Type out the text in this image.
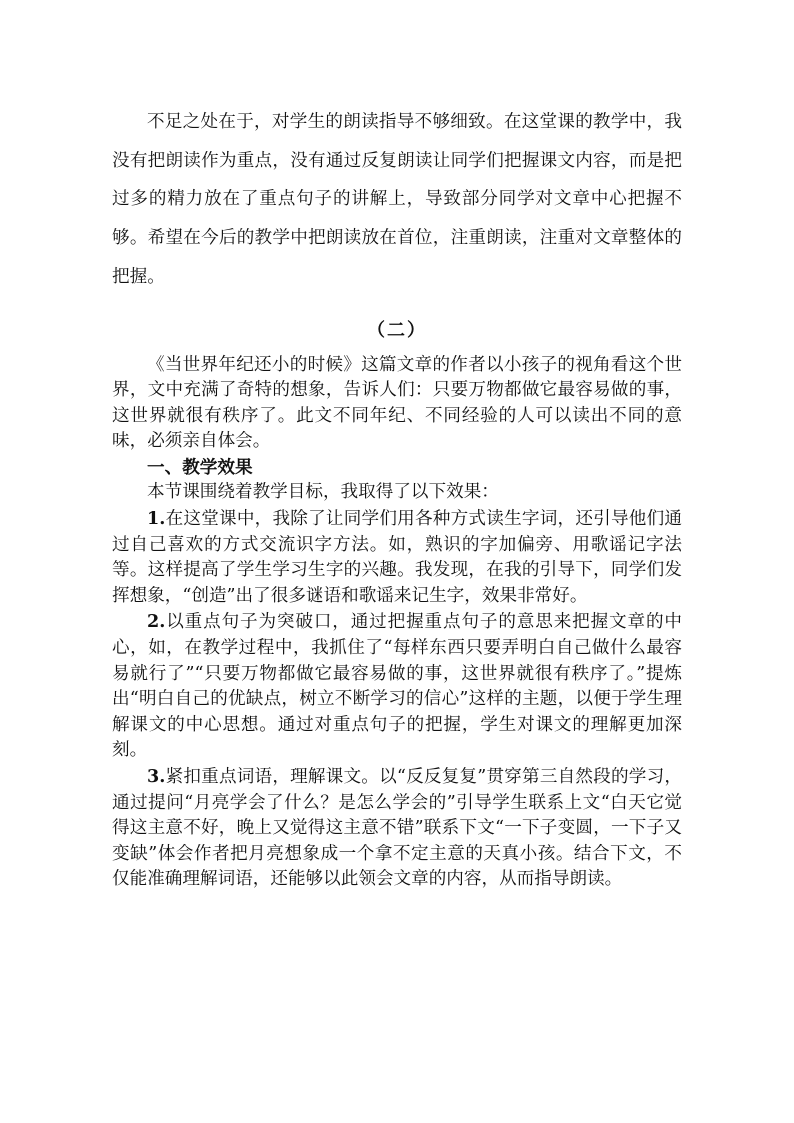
不足之处在于，对学生的朗读指导不够细致。在这堂课的教学中，我没有把朗读作为重点，没有通过反复朗读让同学们把握课文内容，而是把过多的精力放在了重点句子的讲解上，导致部分同学对文章中心把握不够。希望在今后的教学中把朗读放在首位，注重朗读，注重对文章整体的把握。

（二）

《当世界年纪还小的时候》这篇文章的作者以小孩子的视角看这个世界，文中充满了奇特的想象，告诉人们：只要万物都做它最容易做的事，这世界就很有秩序了。此文不同年纪、不同经验的人可以读出不同的意味，必须亲自体会。

一、教学效果

本节课围绕着教学目标，我取得了以下效果：

1.在这堂课中，我除了让同学们用各种方式读生字词，还引导他们通过自己喜欢的方式交流识字方法。如，熟识的字加偏旁、用歌谣记字法等。这样提高了学生学习生字的兴趣。我发现，在我的引导下，同学们发挥想象，“创造”出了很多谜语和歌谣来记生字，效果非常好。

2.以重点句子为突破口，通过把握重点句子的意思来把握文章的中心，如，在教学过程中，我抓住了“每样东西只要弄明白自己做什么最容易就行了”“只要万物都做它最容易做的事，这世界就很有秩序了。”提炼出“明白自己的优缺点，树立不断学习的信心”这样的主题，以便于学生理解课文的中心思想。通过对重点句子的把握，学生对课文的理解更加深刻。

3.紧扣重点词语，理解课文。以“反反复复”贯穿第三自然段的学习，通过提问“月亮学会了什么？是怎么学会的”引导学生联系上文“白天它觉得这主意不好，晚上又觉得这主意不错”联系下文“一下子变圆，一下子又变缺”体会作者把月亮想象成一个拿不定主意的天真小孩。结合下文，不仅能准确理解词语，还能够以此领会文章的内容，从而指导朗读。
